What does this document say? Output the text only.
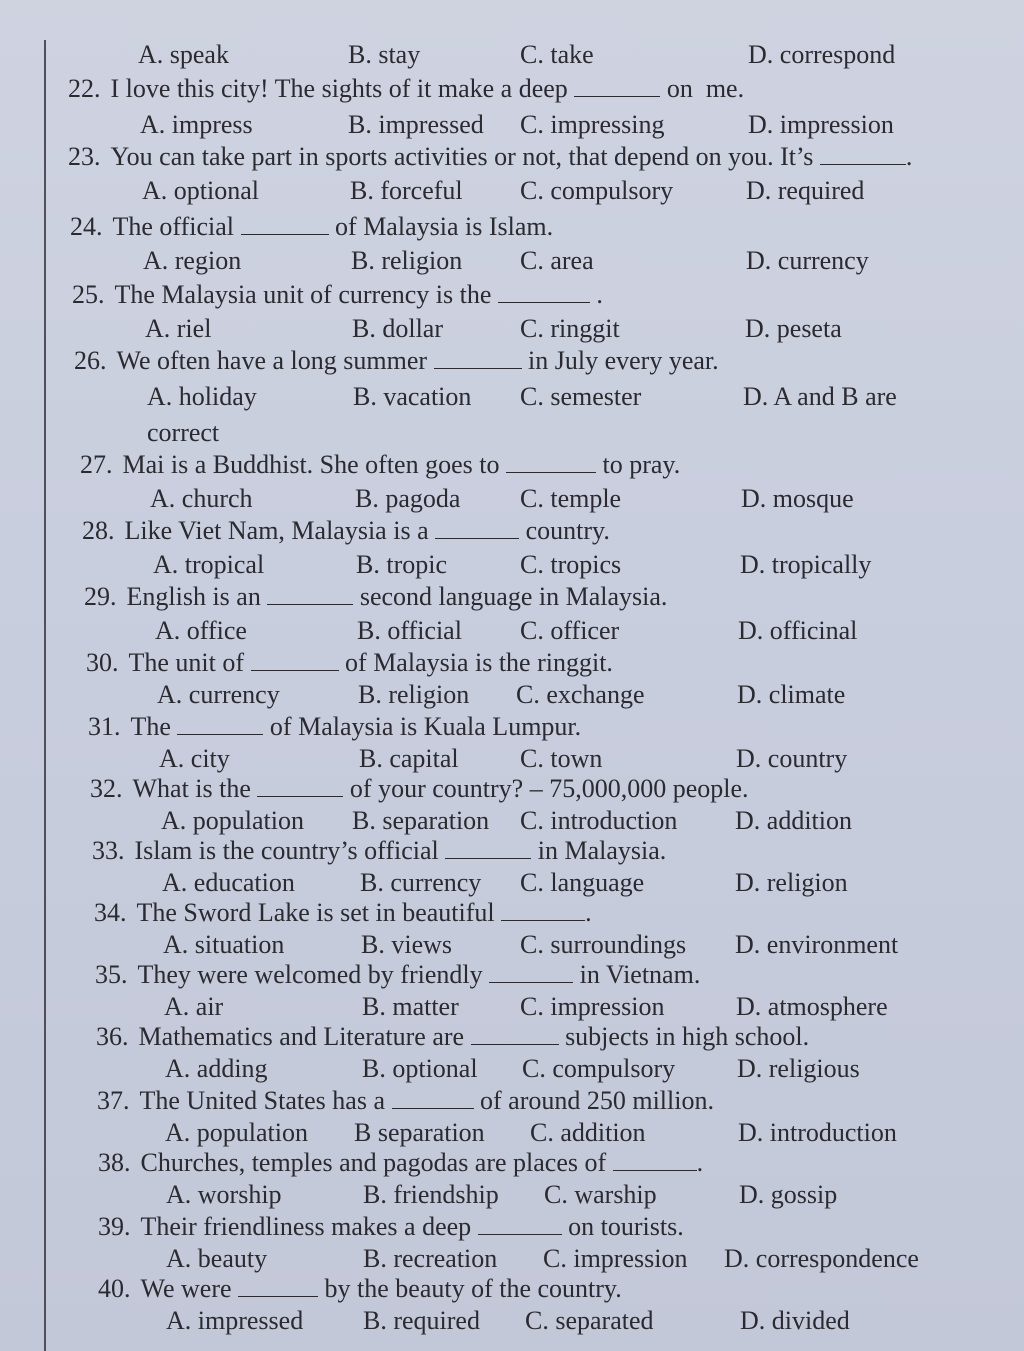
A. speak	B. stay	C. take	D. correspond
22. I love this city! The sights of it make a deep	on  me.
A. impress	B. impressed C. impressing	D. impression
23. You can take part in sports activities or not, that depend on you. It’s	.
A. optional	B. forceful C. compulsory	D. required
24. The official	of Malaysia is Islam.
A. region	B. religion C. area	D. currency
25. The Malaysia unit of currency is the	.
A. riel	B. dollar	C. ringgit	D. peseta
26. We often have a long summer	in July every year.
A. holiday	B. vacation C. semester	D. A and B are
correct
27. Mai is a Buddhist. She often goes to	to pray.
A. church	B. pagoda C. temple	D. mosque
28. Like Viet Nam, Malaysia is a	country.
A. tropical	B. tropic	C. tropics	D. tropically
29. English is an	second language in Malaysia.
A. office	B. official C. officer	D. officinal
30. The unit of	of Malaysia is the ringgit.
A. currency	B. religion C. exchange	D. climate
31. The	of Malaysia is Kuala Lumpur.
A. city	B. capital C. town	D. country
32. What is the	of your country? – 75,000,000 people.
A. population B. separation C. introduction D. addition
33. Islam is the country’s official	in Malaysia.
A. education	B. currency C. language	D. religion
34. The Sword Lake is set in beautiful	.
A. situation	B. views	C. surroundings D. environment
35. They were welcomed by friendly	in Vietnam.
A. air	B. matter C. impression	D. atmosphere
36. Mathematics and Literature are	subjects in high school.
A. adding	B. optional C. compulsory D. religious
37. The United States has a	of around 250 million.
A. population B separation C. addition	D. introduction
38. Churches, temples and pagodas are places of	.
A. worship	B. friendship C. warship	D. gossip
39. Their friendliness makes a deep	on tourists.
A. beauty	B. recreation C. impression D. correspondence
40. We were	by the beauty of the country.
A. impressed B. required C. separated	D. divided
